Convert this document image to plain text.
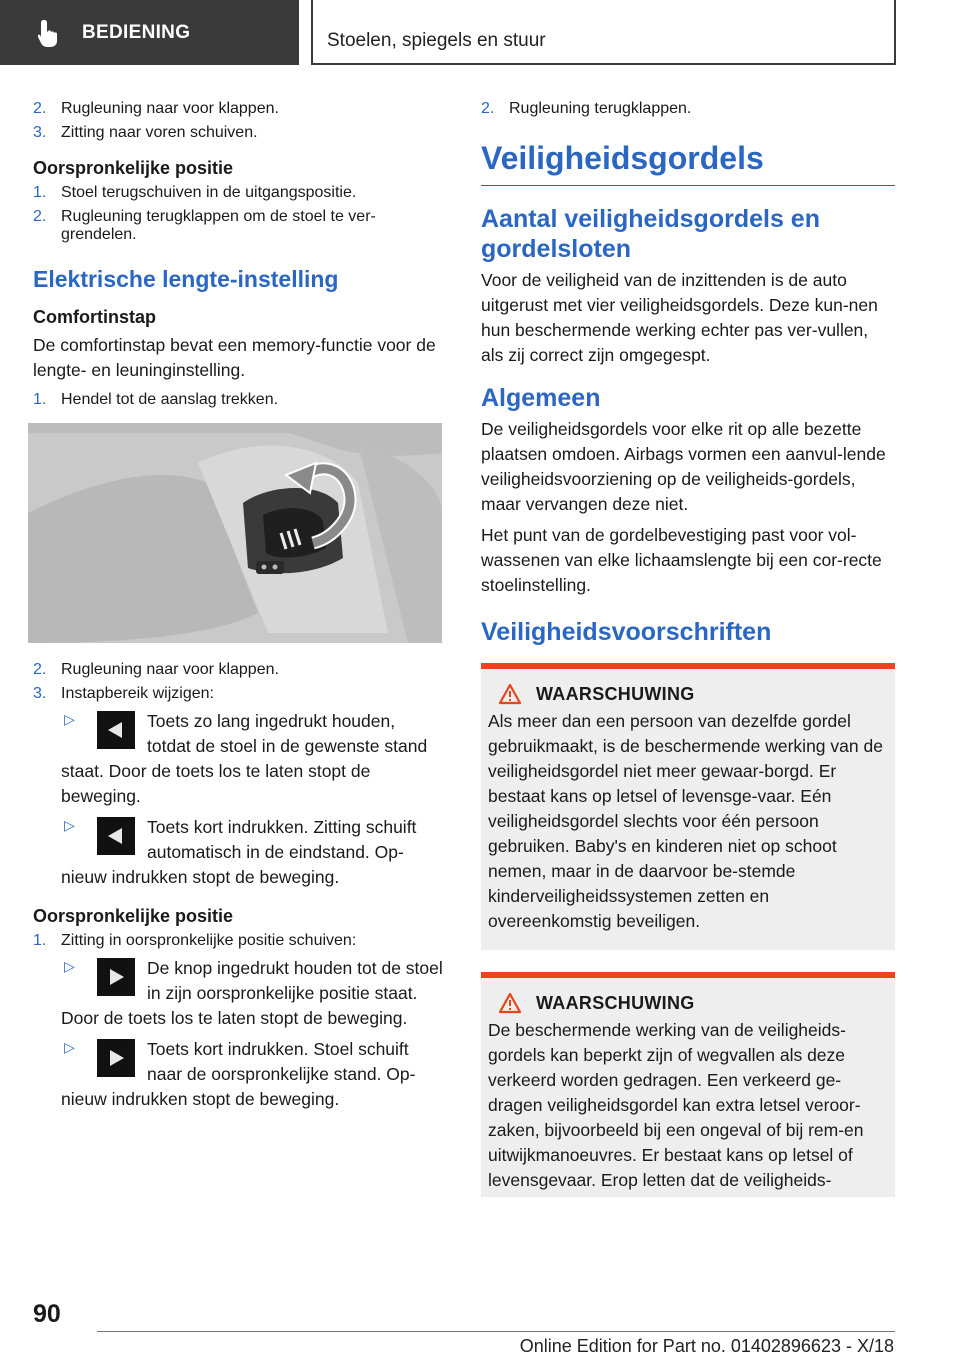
BEDIENING	Stoelen, spiegels en stuur
2. Rugleuning naar voor klappen.
3. Zitting naar voren schuiven.
Oorspronkelijke positie
1. Stoel terugschuiven in de uitgangspositie.
2. Rugleuning terugklappen om de stoel te ver-grendelen.
Elektrische lengte-instelling
Comfortinstap

De comfortinstap bevat een memory-functie voor de lengte- en leuninginstelling.

1. Hendel tot de aanslag trekken.
2. Rugleuning naar voor klappen.
3. Instapbereik wijzigen:
▷	Toets zo lang ingedrukt houden, totdat de stoel in de gewenste stand staat. Door de toets los te laten stopt de beweging.
▷	Toets kort indrukken. Zitting schuift automatisch in de eindstand. Op-nieuw indrukken stopt de beweging.
Oorspronkelijke positie
1. Zitting in oorspronkelijke positie schuiven:
▷	De knop ingedrukt houden tot de stoel in zijn oorspronkelijke positie staat. Door de toets los te laten stopt de beweging.
▷	Toets kort indrukken. Stoel schuift naar de oorspronkelijke stand. Op-nieuw indrukken stopt de beweging.
2. Rugleuning terugklappen.
Veiligheidsgordels
Aantal veiligheidsgordels en gordelsloten

Voor de veiligheid van de inzittenden is de auto uitgerust met vier veiligheidsgordels. Deze kun-nen hun beschermende werking echter pas ver-vullen, als zij correct zijn omgegespt.

Algemeen

De veiligheidsgordels voor elke rit op alle bezette plaatsen omdoen. Airbags vormen een aanvul-lende veiligheidsvoorziening op de veiligheids-gordels, maar vervangen deze niet.

Het punt van de gordelbevestiging past voor vol-wassenen van elke lichaamslengte bij een cor-recte stoelinstelling.

Veiligheidsvoorschriften
WAARSCHUWING

Als meer dan een persoon van dezelfde gordel gebruikmaakt, is de beschermende werking van de veiligheidsgordel niet meer gewaar-borgd. Er bestaat kans op letsel of levensge-vaar. Eén veiligheidsgordel slechts voor één persoon gebruiken. Baby's en kinderen niet op schoot nemen, maar in de daarvoor be-stemde kinderveiligheidssystemen zetten en overeenkomstig beveiligen.

WAARSCHUWING

De beschermende werking van de veiligheids-gordels kan beperkt zijn of wegvallen als deze verkeerd worden gedragen. Een verkeerd ge-dragen veiligheidsgordel kan extra letsel veroor-zaken, bijvoorbeeld bij een ongeval of bij rem-en uitwijkmanoeuvres. Er bestaat kans op letsel of levensgevaar. Erop letten dat de veiligheids-

90
Online Edition for Part no. 01402896623 - X/18
